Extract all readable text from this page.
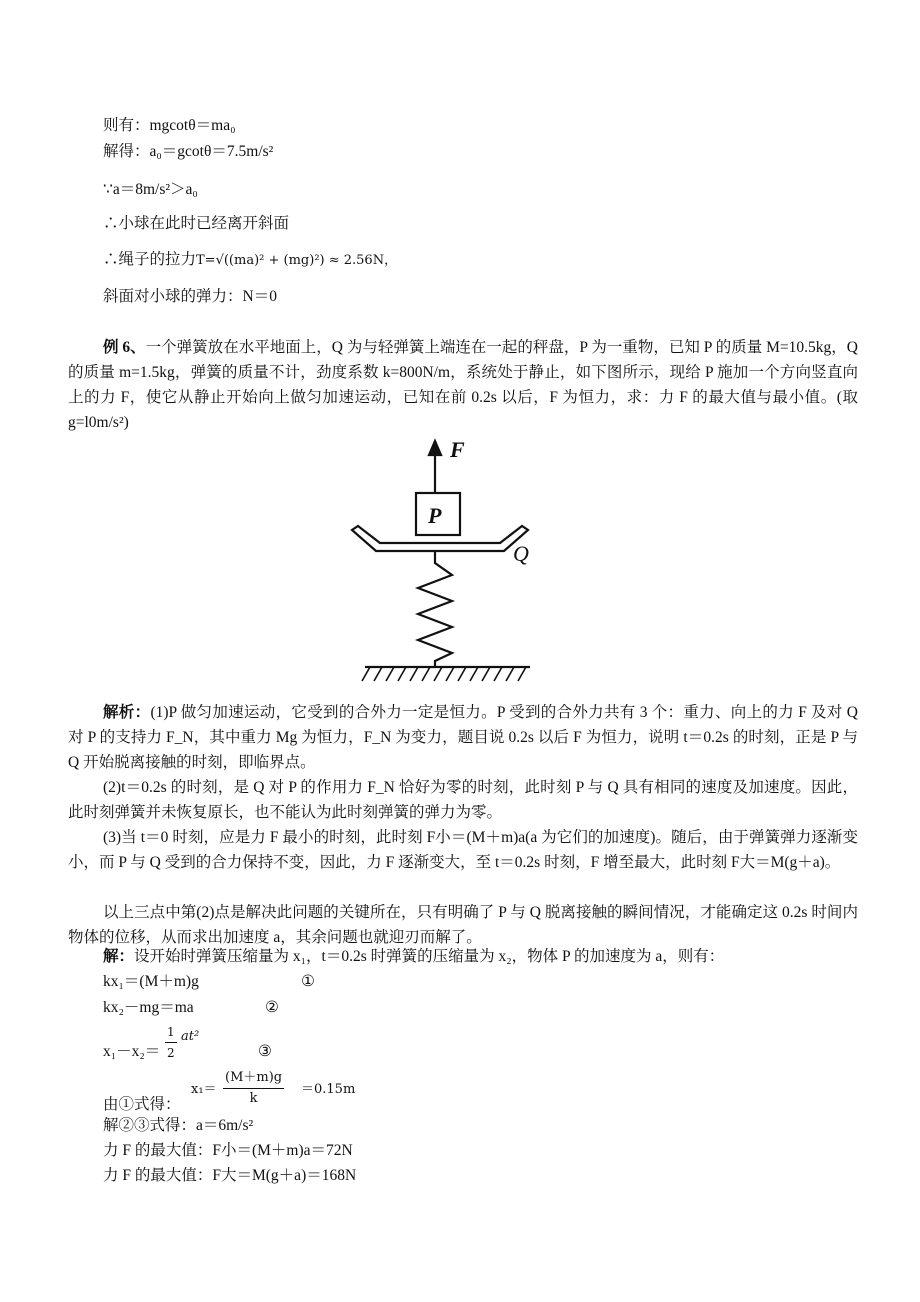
则有：mgcotθ＝ma₀
解得：a₀＝gcotθ＝7.5m/s²
∵a＝8m/s²＞a₀
∴小球在此时已经离开斜面
∴绳子的拉力T=√((ma)² + (mg)²) ≈ 2.56N，
斜面对小球的弹力：N＝0
例 6、一个弹簧放在水平地面上，Q 为与轻弹簧上端连在一起的秤盘，P 为一重物，已知 P 的质量 M=10.5kg，Q 的质量 m=1.5kg，弹簧的质量不计，劲度系数 k=800N/m，系统处于静止，如下图所示，现给 P 施加一个方向竖直向上的力 F，使它从静止开始向上做匀加速运动，已知在前 0.2s 以后，F 为恒力，求：力 F 的最大值与最小值。(取 g=l0m/s²)
F
P
Q
解析：(1)P 做匀加速运动，它受到的合外力一定是恒力。P 受到的合外力共有 3 个：重力、向上的力 F 及对 Q 对 P 的支持力 F_N，其中重力 Mg 为恒力，F_N 为变力，题目说 0.2s 以后 F 为恒力，说明 t＝0.2s 的时刻，正是 P 与 Q 开始脱离接触的时刻，即临界点。
(2)t＝0.2s 的时刻，是 Q 对 P 的作用力 F_N 恰好为零的时刻，此时刻 P 与 Q 具有相同的速度及加速度。因此，此时刻弹簧并未恢复原长，也不能认为此时刻弹簧的弹力为零。
(3)当 t＝0 时刻，应是力 F 最小的时刻，此时刻 F小＝(M＋m)a(a 为它们的加速度)。随后，由于弹簧弹力逐渐变小，而 P 与 Q 受到的合力保持不变，因此，力 F 逐渐变大，至 t＝0.2s 时刻，F 增至最大，此时刻 F大＝M(g＋a)。
以上三点中第(2)点是解决此问题的关键所在，只有明确了 P 与 Q 脱离接触的瞬间情况，才能确定这 0.2s 时间内物体的位移，从而求出加速度 a，其余问题也就迎刃而解了。
解：设开始时弹簧压缩量为 x₁，t＝0.2s 时弹簧的压缩量为 x₂，物体 P 的加速度为 a，则有：
kx₁＝(M＋m)g	①
kx₂－mg＝ma	②
$x_1-x_2= \frac{1}{2} at^2$
③
由①式得：
$x_1= \frac{(M+m)g}{k} =0.15m$
解②③式得：a＝6m/s²
力 F 的最大值：F小＝(M＋m)a＝72N
力 F 的最大值：F大＝M(g＋a)＝168N
